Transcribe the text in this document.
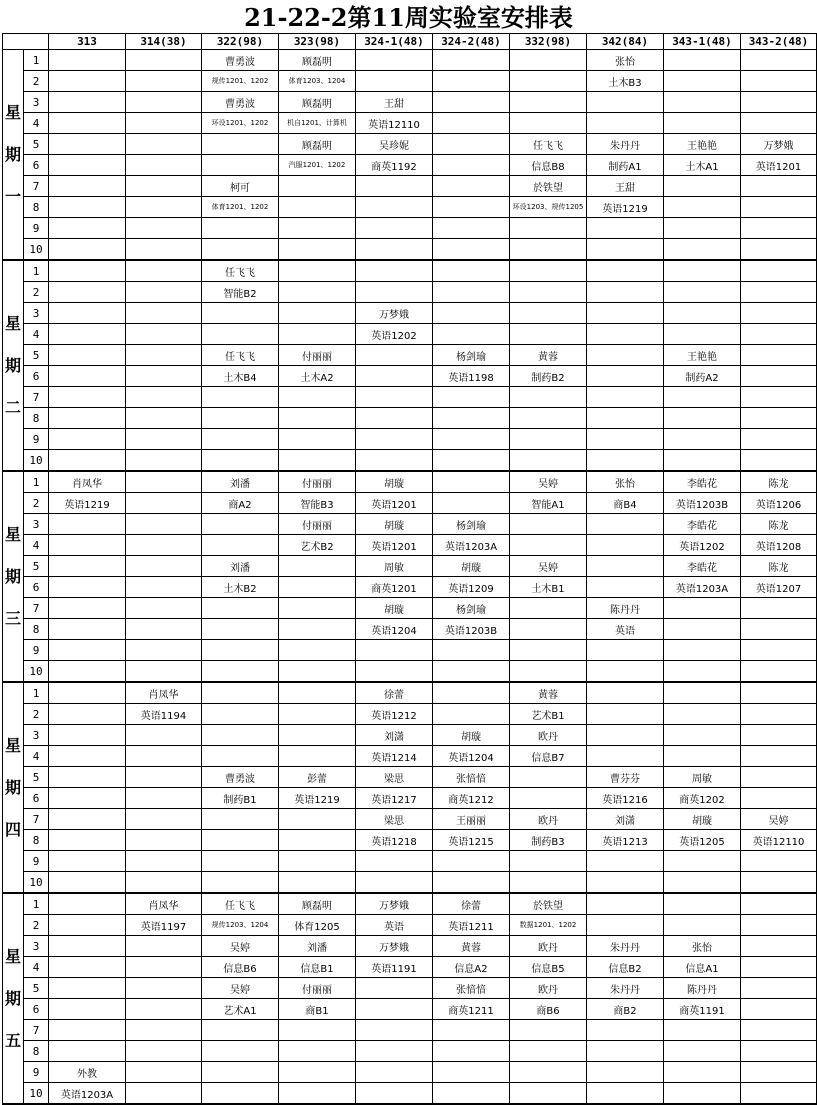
21-22-2第11周实验室安排表
		313	314(38)	322(98)	323(98)	324-1(48)	324-2(48)	332(98)	342(84)	343-1(48)	343-2(48)
星期一	1			曹勇波	顾磊明				张怡		
	2			规传1201、1202	体育1203、1204				土木B3		
	3			曹勇波	顾磊明	王甜					
	4			环设1201、1202	机自1201、计算机	英语12110					
	5				顾磊明	吴珍妮		任飞飞	朱丹丹	王艳艳	万梦娥
	6				汽服1201、1202	商英1192		信息B8	制药A1	土木A1	英语1201
	7			柯可				於铁望	王甜		
	8			体育1201、1202				环设1203、规传1205	英语1219		
	9										
	10										
星期二	1			任飞飞							
	2			智能B2							
	3					万梦娥					
	4					英语1202					
	5			任飞飞	付丽丽		杨剑瑜	黄蓉		王艳艳	
	6			土木B4	土木A2		英语1198	制药B2		制药A2	
	7										
	8										
	9										
	10										
星期三	1	肖凤华		刘潘	付丽丽	胡璇		吴婷	张怡	李皓花	陈龙
	2	英语1219		商A2	智能B3	英语1201		智能A1	商B4	英语1203B	英语1206
	3				付丽丽	胡璇	杨剑瑜			李皓花	陈龙
	4				艺术B2	英语1201	英语1203A			英语1202	英语1208
	5			刘潘		周敏	胡璇	吴婷		李皓花	陈龙
	6			土木B2		商英1201	英语1209	土木B1		英语1203A	英语1207
	7					胡璇	杨剑瑜		陈丹丹		
	8					英语1204	英语1203B		英语		
	9										
	10										
星期四	1		肖凤华			徐蕾		黄蓉			
	2		英语1194			英语1212		艺术B1			
	3					刘潇	胡璇	欧丹			
	4					英语1214	英语1204	信息B7			
	5			曹勇波	彭蕾	梁思	张愔愔		曹芬芬	周敏	
	6			制药B1	英语1219	英语1217	商英1212		英语1216	商英1202	
	7					梁思	王丽丽	欧丹	刘潇	胡璇	吴婷
	8					英语1218	英语1215	制药B3	英语1213	英语1205	英语12110
	9										
	10										
星期五	1		肖凤华	任飞飞	顾磊明	万梦娥	徐蕾	於铁望			
	2		英语1197	规传1203、1204	体育1205	英语	英语1211	数据1201、1202			
	3			吴婷	刘潘	万梦娥	黄蓉	欧丹	朱丹丹	张怡	
	4			信息B6	信息B1	英语1191	信息A2	信息B5	信息B2	信息A1	
	5			吴婷	付丽丽		张愔愔	欧丹	朱丹丹	陈丹丹	
	6			艺术A1	商B1		商英1211	商B6	商B2	商英1191	
	7										
	8										
	9	外教									
	10	英语1203A									
